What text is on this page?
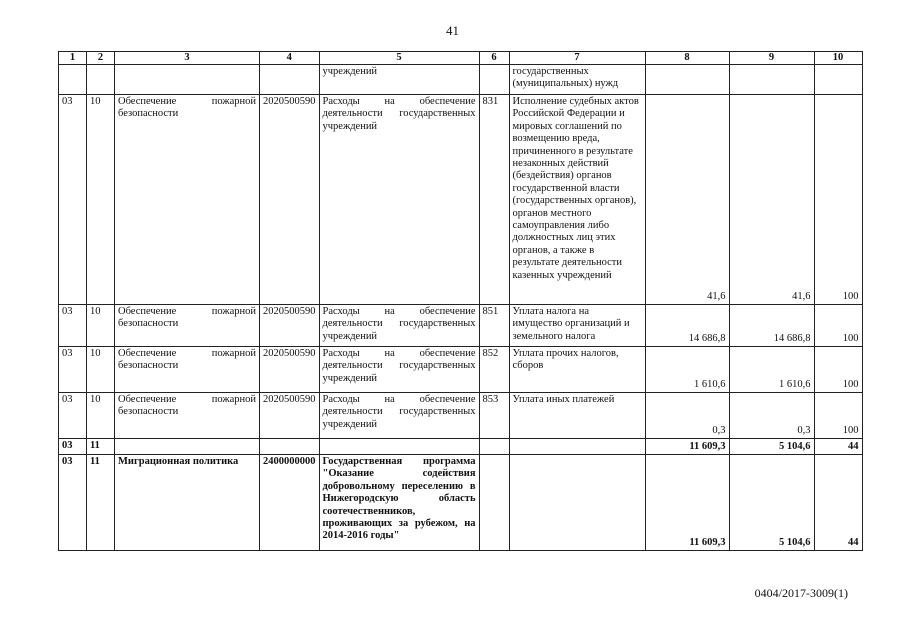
41
1	2	3	4	5	6	7	8	9	10
				учреждений		государственных (муниципальных) нужд			
03	10	Обеспечение пожарной безопасности	2020500590	Расходы на обеспечение деятельности государственных учреждений	831	Исполнение судебных актов Российской Федерации и мировых соглашений по возмещению вреда, причиненного в результате незаконных действий (бездействия) органов государственной власти (государственных органов), органов местного самоуправления либо должностных лиц этих органов, а также в результате деятельности казенных учреждений	41,6	41,6	100
03	10	Обеспечение пожарной безопасности	2020500590	Расходы на обеспечение деятельности государственных учреждений	851	Уплата налога на имущество организаций и земельного налога	14 686,8	14 686,8	100
03	10	Обеспечение пожарной безопасности	2020500590	Расходы на обеспечение деятельности государственных учреждений	852	Уплата прочих налогов, сборов	1 610,6	1 610,6	100
03	10	Обеспечение пожарной безопасности	2020500590	Расходы на обеспечение деятельности государственных учреждений	853	Уплата иных платежей	0,3	0,3	100
03	11						11 609,3	5 104,6	44
03	11	Миграционная политика	2400000000	Государственная программа "Оказание содействия добровольному переселению в Нижегородскую область соотечественников, проживающих за рубежом, на 2014-2016 годы"			11 609,3	5 104,6	44
0404/2017-3009(1)
